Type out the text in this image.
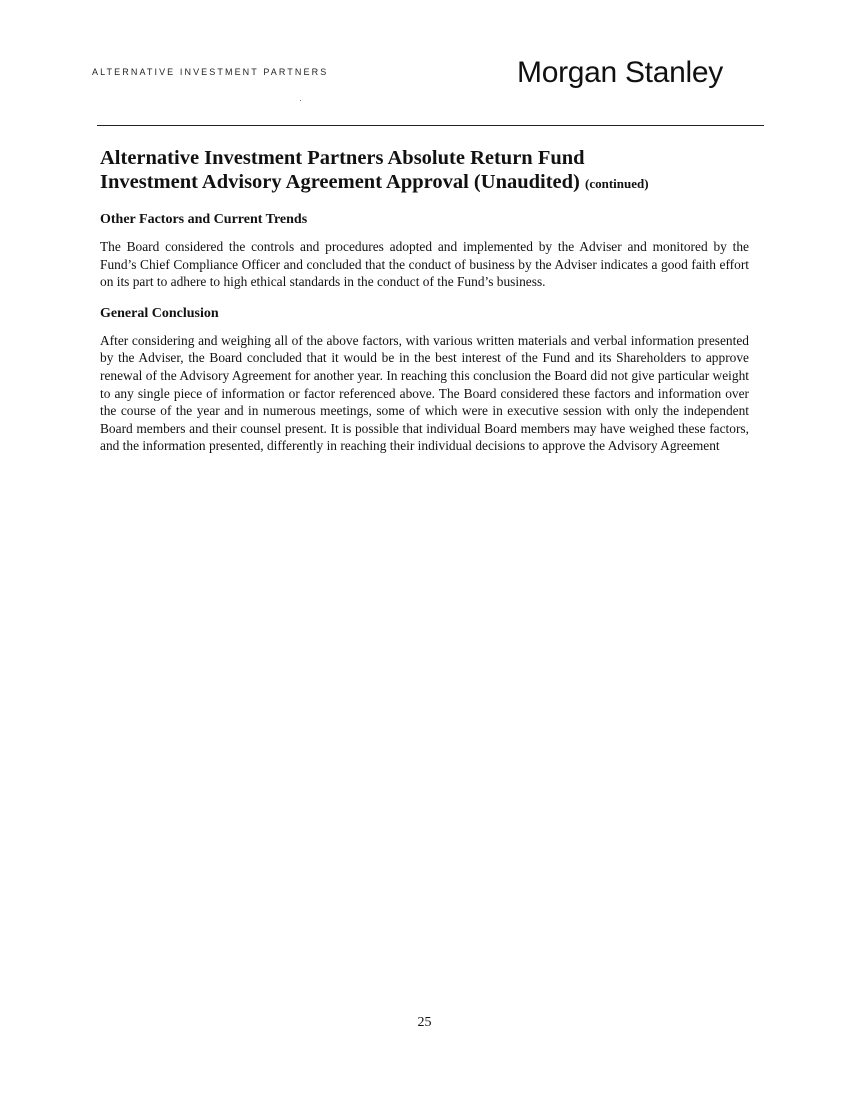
ALTERNATIVE INVESTMENT PARTNERS	Morgan Stanley
Alternative Investment Partners Absolute Return Fund
Investment Advisory Agreement Approval (Unaudited) (continued)
Other Factors and Current Trends

The Board considered the controls and procedures adopted and implemented by the Adviser and monitored by the Fund’s Chief Compliance Officer and concluded that the conduct of business by the Adviser indicates a good faith effort on its part to adhere to high ethical standards in the conduct of the Fund’s business.

General Conclusion

After considering and weighing all of the above factors, with various written materials and verbal information presented by the Adviser, the Board concluded that it would be in the best interest of the Fund and its Shareholders to approve renewal of the Advisory Agreement for another year. In reaching this conclusion the Board did not give particular weight to any single piece of information or factor referenced above. The Board considered these factors and information over the course of the year and in numerous meetings, some of which were in executive session with only the independent Board members and their counsel present. It is possible that individual Board members may have weighed these factors, and the information presented, differently in reaching their individual decisions to approve the Advisory Agreement

25
